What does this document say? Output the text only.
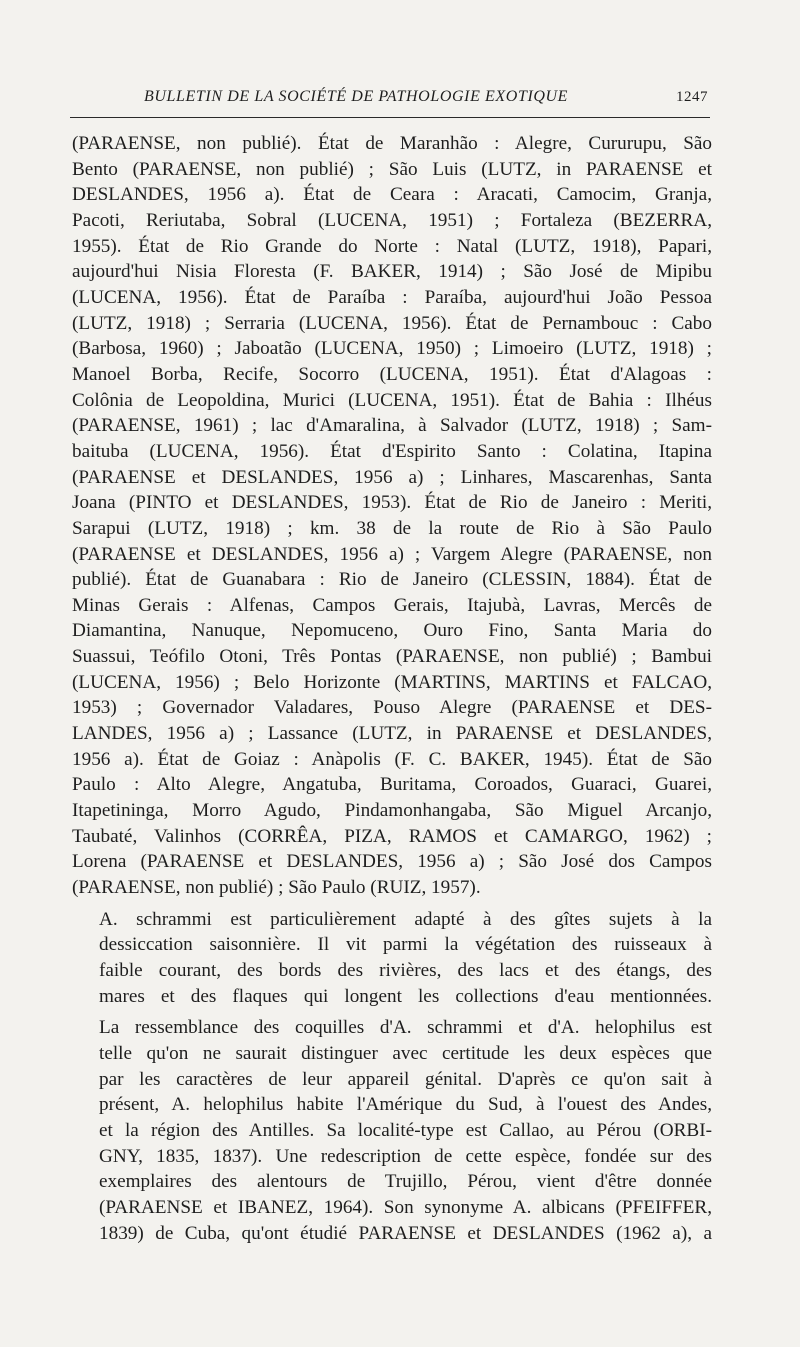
BULLETIN DE LA SOCIÉTÉ DE PATHOLOGIE EXOTIQUE	1247

(PARAENSE, non publié). État de Maranhão : Alegre, Cururupu, São
Bento (PARAENSE, non publié) ; São Luis (LUTZ, in PARAENSE et
DESLANDES, 1956 a). État de Ceara : Aracati, Camocim, Granja,
Pacoti, Reriutaba, Sobral (LUCENA, 1951) ; Fortaleza (BEZERRA,
1955). État de Rio Grande do Norte : Natal (LUTZ, 1918), Papari,
aujourd'hui Nisia Floresta (F. BAKER, 1914) ; São José de Mipibu
(LUCENA, 1956). État de Paraíba : Paraíba, aujourd'hui João Pessoa
(LUTZ, 1918) ; Serraria (LUCENA, 1956). État de Pernambouc : Cabo
(Barbosa, 1960) ; Jaboatão (LUCENA, 1950) ; Limoeiro (LUTZ, 1918) ;
Manoel Borba, Recife, Socorro (LUCENA, 1951). État d'Alagoas :
Colônia de Leopoldina, Murici (LUCENA, 1951). État de Bahia : Ilhéus
(PARAENSE, 1961) ; lac d'Amaralina, à Salvador (LUTZ, 1918) ; Sam-
baituba (LUCENA, 1956). État d'Espirito Santo : Colatina, Itapina
(PARAENSE et DESLANDES, 1956 a) ; Linhares, Mascarenhas, Santa
Joana (PINTO et DESLANDES, 1953). État de Rio de Janeiro : Meriti,
Sarapui (LUTZ, 1918) ; km. 38 de la route de Rio à São Paulo
(PARAENSE et DESLANDES, 1956 a) ; Vargem Alegre (PARAENSE, non
publié). État de Guanabara : Rio de Janeiro (CLESSIN, 1884). État de
Minas Gerais : Alfenas, Campos Gerais, Itajubà, Lavras, Mercês de
Diamantina, Nanuque, Nepomuceno, Ouro Fino, Santa Maria do
Suassui, Teófilo Otoni, Três Pontas (PARAENSE, non publié) ; Bambui
(LUCENA, 1956) ; Belo Horizonte (MARTINS, MARTINS et FALCAO,
1953) ; Governador Valadares, Pouso Alegre (PARAENSE et DES-
LANDES, 1956 a) ; Lassance (LUTZ, in PARAENSE et DESLANDES,
1956 a). État de Goiaz : Anàpolis (F. C. BAKER, 1945). État de São
Paulo : Alto Alegre, Angatuba, Buritama, Coroados, Guaraci, Guarei,
Itapetininga, Morro Agudo, Pindamonhangaba, São Miguel Arcanjo,
Taubaté, Valinhos (CORRÊA, PIZA, RAMOS et CAMARGO, 1962) ;
Lorena (PARAENSE et DESLANDES, 1956 a) ; São José dos Campos
(PARAENSE, non publié) ; São Paulo (RUIZ, 1957).

A. schrammi est particulièrement adapté à des gîtes sujets à la
dessiccation saisonnière. Il vit parmi la végétation des ruisseaux à
faible courant, des bords des rivières, des lacs et des étangs, des
mares et des flaques qui longent les collections d'eau mentionnées.

La ressemblance des coquilles d'A. schrammi et d'A. helophilus est
telle qu'on ne saurait distinguer avec certitude les deux espèces que
par les caractères de leur appareil génital. D'après ce qu'on sait à
présent, A. helophilus habite l'Amérique du Sud, à l'ouest des Andes,
et la région des Antilles. Sa localité-type est Callao, au Pérou (ORBI-
GNY, 1835, 1837). Une redescription de cette espèce, fondée sur des
exemplaires des alentours de Trujillo, Pérou, vient d'être donnée
(PARAENSE et IBANEZ, 1964). Son synonyme A. albicans (PFEIFFER,
1839) de Cuba, qu'ont étudié PARAENSE et DESLANDES (1962 a), a
